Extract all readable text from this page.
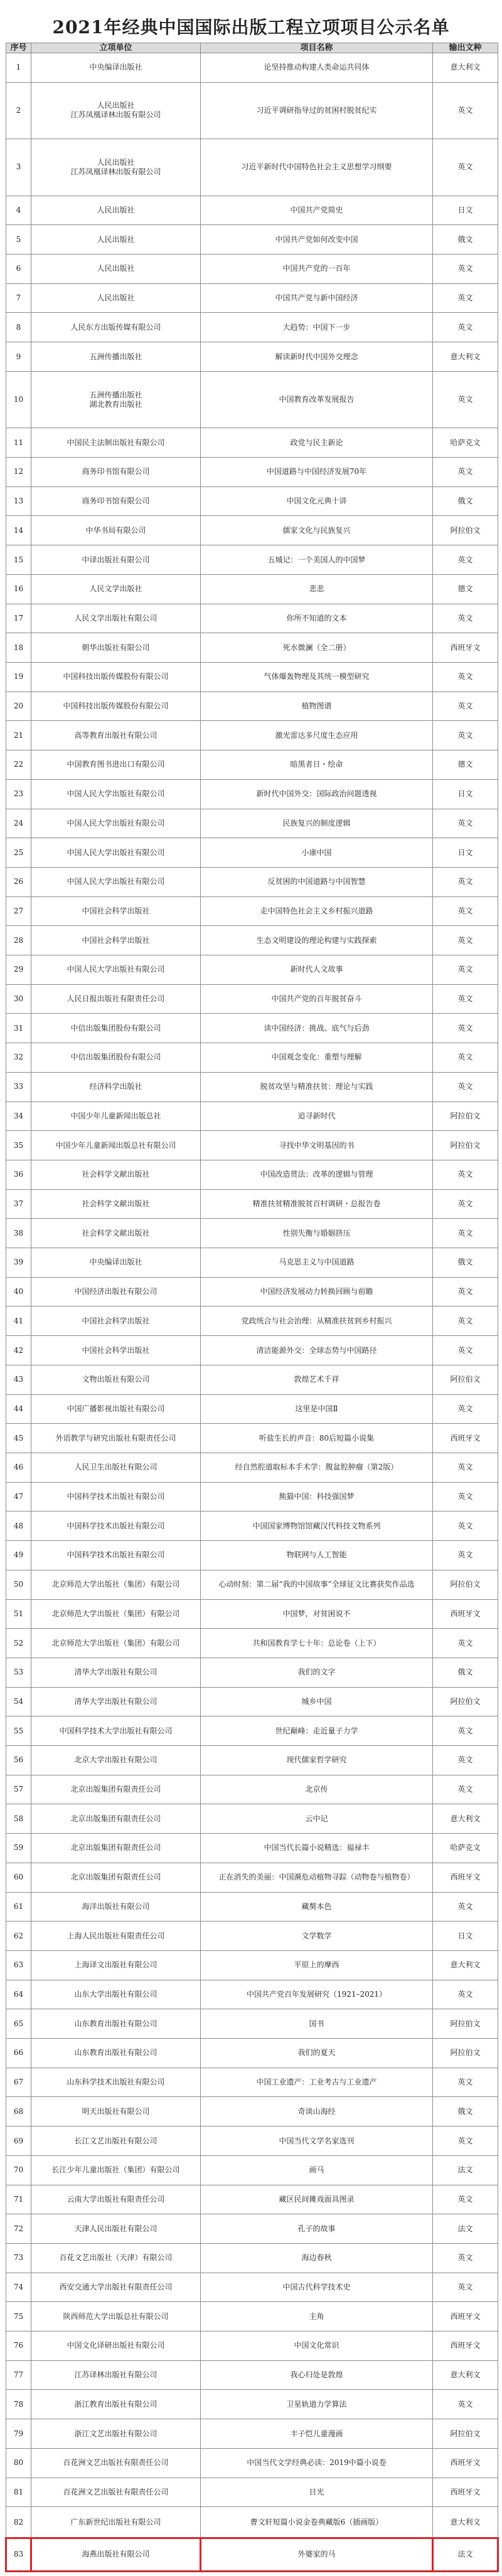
2021年经典中国国际出版工程立项项目公示名单
序号	立项单位	项目名称	输出文种
1	中央编译出版社	论坚持推动构建人类命运共同体	意大利文
2	人民出版社
江苏凤凰译林出版有限公司	习近平调研指导过的贫困村脱贫纪实	英文
3	人民出版社
江苏凤凰译林出版有限公司	习近平新时代中国特色社会主义思想学习纲要	英文
4	人民出版社	中国共产党简史	日文
5	人民出版社	中国共产党如何改变中国	俄文
6	人民出版社	中国共产党的一百年	英文
7	人民出版社	中国共产党与新中国经济	英文
8	人民东方出版传媒有限公司	大趋势：中国下一步	英文
9	五洲传播出版社	解读新时代中国外交理念	意大利文
10	五洲传播出版社
湖北教育出版社	中国教育改革发展报告	英文
11	中国民主法制出版社有限公司	政党与民主新论	哈萨克文
12	商务印书馆有限公司	中国道路与中国经济发展70年	英文
13	商务印书馆有限公司	中国文化元典十讲	俄文
14	中华书局有限公司	儒家文化与民族复兴	阿拉伯文
15	中译出版社有限公司	五城记：一个美国人的中国梦	英文
16	人民文学出版社	悲悲	德文
17	人民文学出版社有限公司	你所不知道的文本	英文
18	朝华出版社有限公司	死水微澜（全二册）	西班牙文
19	中国科技出版传媒股份有限公司	气体爆轰物理及其统一模型研究	英文
20	中国科技出版传媒股份有限公司	植物图谱	英文
21	高等教育出版社有限公司	激光雷达多尺度生态应用	英文
22	中国教育图书进出口有限公司	暗黑者日・绘命	德文
23	中国人民大学出版社有限公司	新时代中国外交：国际政治问题透视	日文
24	中国人民大学出版社有限公司	民族复兴的制度逻辑	英文
25	中国人民大学出版社有限公司	小康中国	日文
26	中国人民大学出版社有限公司	反贫困的中国道路与中国智慧	英文
27	中国社会科学出版社	走中国特色社会主义乡村振兴道路	英文
28	中国社会科学出版社	生态文明建设的理论构建与实践探索	英文
29	中国人民大学出版社有限公司	新时代人文故事	英文
30	人民日报出版社有限责任公司	中国共产党的百年脱贫奋斗	英文
31	中信出版集团股份有限公司	读中国经济：挑战、底气与后劲	英文
32	中信出版集团股份有限公司	中国观念变化：重塑与理解	英文
33	经济科学出版社	脱贫攻坚与精准扶贫：理论与实践	英文
34	中国少年儿童新闻出版总社	追寻新时代	阿拉伯文
35	中国少年儿童新闻出版总社有限公司	寻找中华文明基因的书	阿拉伯文
36	社会科学文献出版社	中国改造贯法：改革的逻辑与管理	英文
37	社会科学文献出版社	精准扶贫精准脱贫百村调研・总报告卷	英文
38	社会科学文献出版社	性别失衡与婚姻挤压	英文
39	中央编译出版社	马克思主义与中国道路	俄文
40	中国经济出版社有限公司	中国经济发展动力转换回顾与前瞻	英文
41	中国社会科学出版社	党政统合与社会治理：从精准扶贫到乡村振兴	英文
42	中国社会科学出版社	清洁能源外交：全球态势与中国路径	英文
43	文物出版社有限公司	敦煌艺术千祥	阿拉伯文
44	中国广播影视出版社有限公司	这里是中国Ⅱ	英文
45	外语教学与研究出版社有限责任公司	听盐生长的声音：80后短篇小说集	西班牙文
46	人民卫生出版社有限公司	经自然腔道取标本手术学：腹盆腔肿瘤（第2版）	英文
47	中国科学技术出版社有限公司	熊猫中国：科技强国梦	英文
48	中国科学技术出版社有限公司	中国国家博物馆馆藏汉代科技文物系列	英文
49	中国科学技术出版社有限公司	物联网与人工智能	英文
50	北京师范大学出版社（集团）有限公司	心动时刻：第二届“我的中国故事”全球征文比赛获奖作品选	阿拉伯文
51	北京师范大学出版社（集团）有限公司	中国梦，对贫困说不	西班牙文
52	北京师范大学出版社（集团）有限公司	共和国教育学七十年：总论卷（上下）	英文
53	清华大学出版社有限公司	我们的文字	俄文
54	清华大学出版社有限公司	城乡中国	阿拉伯文
55	中国科学技术大学出版社有限公司	世纪巅峰：走近量子力学	英文
56	北京大学出版社有限公司	现代儒家哲学研究	英文
57	北京出版集团有限责任公司	北京传	英文
58	北京出版集团有限责任公司	云中记	意大利文
59	北京出版集团有限责任公司	中国当代长篇小说精选：福禄丰	哈萨克文
60	北京出版集团有限责任公司	正在消失的美丽：中国濒危动植物寻踪（动物卷与植物卷）	西班牙文
61	海洋出版社有限公司	藏獒本色	英文
62	上海人民出版社有限责任公司	文学数学	日文
63	上海译文出版社有限公司	平原上的摩西	意大利文
64	山东大学出版社有限公司	中国共产党百年发展研究（1921–2021）	英文
65	山东教育出版社有限公司	国书	阿拉伯文
66	山东教育出版社有限公司	我们的夏天	阿拉伯文
67	山东科学技术出版社有限公司	中国工业遗产：工业考古与工业遗产	英文
68	明天出版社有限公司	奇谈山海经	俄文
69	长江文艺出版社有限公司	中国当代文学名家选刊	英文
70	长江少年儿童出版社（集团）有限公司	画马	法文
71	云南大学出版社有限责任公司	藏区民间傩戏面具图录	英文
72	天津人民出版社有限公司	孔子的故事	法文
73	百花文艺出版社（天津）有限公司	海边春秋	英文
74	西安交通大学出版社有限责任公司	中国古代科学技术史	英文
75	陕西师范大学出版总社有限公司	主角	西班牙文
76	中国文化译研出版社有限公司	中国文化常识	西班牙文
77	江苏译林出版社有限公司	我心归处是敦煌	意大利文
78	浙江教育出版社有限公司	卫星轨道力学算法	英文
79	浙江文艺出版社有限公司	丰子恺儿童漫画	阿拉伯文
80	百花洲文艺出版社有限责任公司	中国当代文学经典必读：2019中篇小说卷	西班牙文
81	百花洲文艺出版社有限责任公司	日光	西班牙文
82	广东新世纪出版社有限公司	曹文轩短篇小说金卷典藏版6（插画版）	意大利文
83	海燕出版社有限公司	外婆家的马	法文
